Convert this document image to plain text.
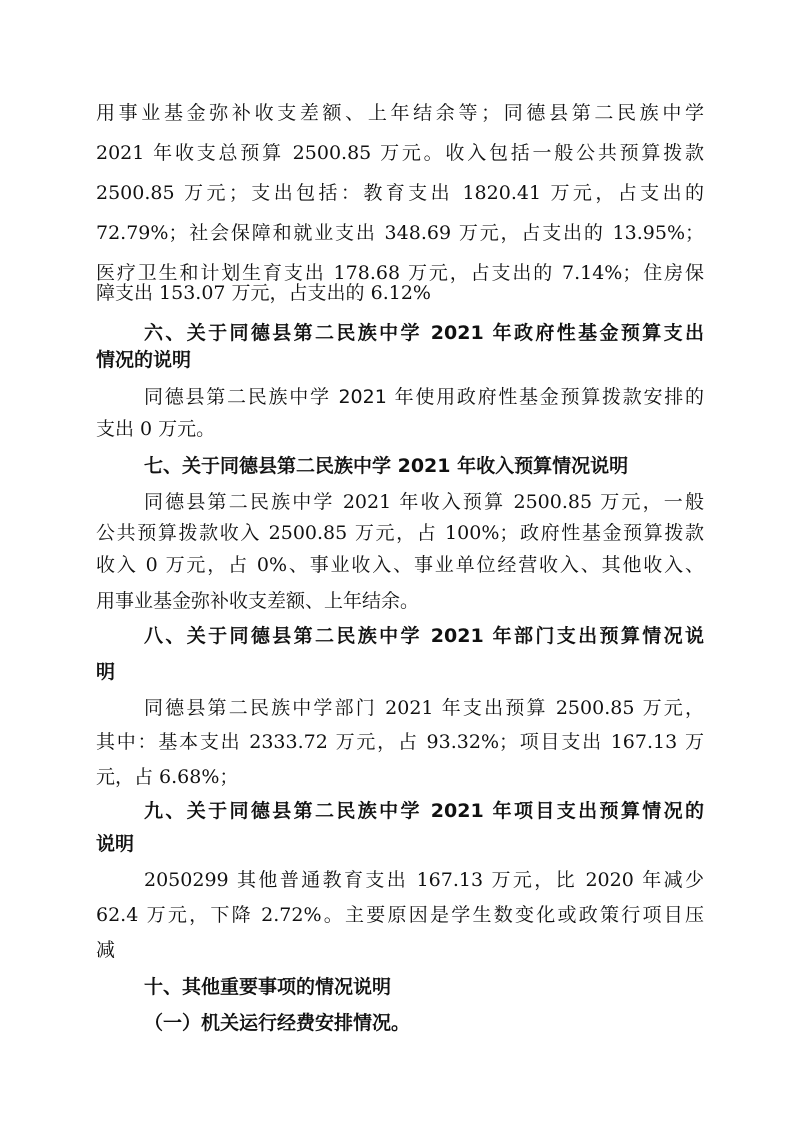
用事业基金弥补收支差额、上年结余等；同德县第二民族中学
2021 年收支总预算 2500.85 万元。收入包括一般公共预算拨款
2500.85 万元；支出包括：教育支出 1820.41 万元，占支出的
72.79%；社会保障和就业支出 348.69 万元，占支出的 13.95%；
医疗卫生和计划生育支出 178.68 万元，占支出的 7.14%；住房保
障支出 153.07 万元，占支出的 6.12%
六、关于同德县第二民族中学 2021 年政府性基金预算支出
情况的说明
同德县第二民族中学 2021 年使用政府性基金预算拨款安排的
支出 0 万元。
七、关于同德县第二民族中学 2021 年收入预算情况说明
同德县第二民族中学 2021 年收入预算 2500.85 万元，一般
公共预算拨款收入 2500.85 万元，占 100%；政府性基金预算拨款
收入 0 万元，占 0%、事业收入、事业单位经营收入、其他收入、
用事业基金弥补收支差额、上年结余。
八、关于同德县第二民族中学 2021 年部门支出预算情况说
明
同德县第二民族中学部门 2021 年支出预算 2500.85 万元，
其中：基本支出 2333.72 万元，占 93.32%；项目支出 167.13 万
元，占 6.68%；
九、关于同德县第二民族中学 2021 年项目支出预算情况的
说明
2050299 其他普通教育支出 167.13 万元，比 2020 年减少
62.4 万元，下降 2.72%。主要原因是学生数变化或政策行项目压
减
十、其他重要事项的情况说明
（一）机关运行经费安排情况。
